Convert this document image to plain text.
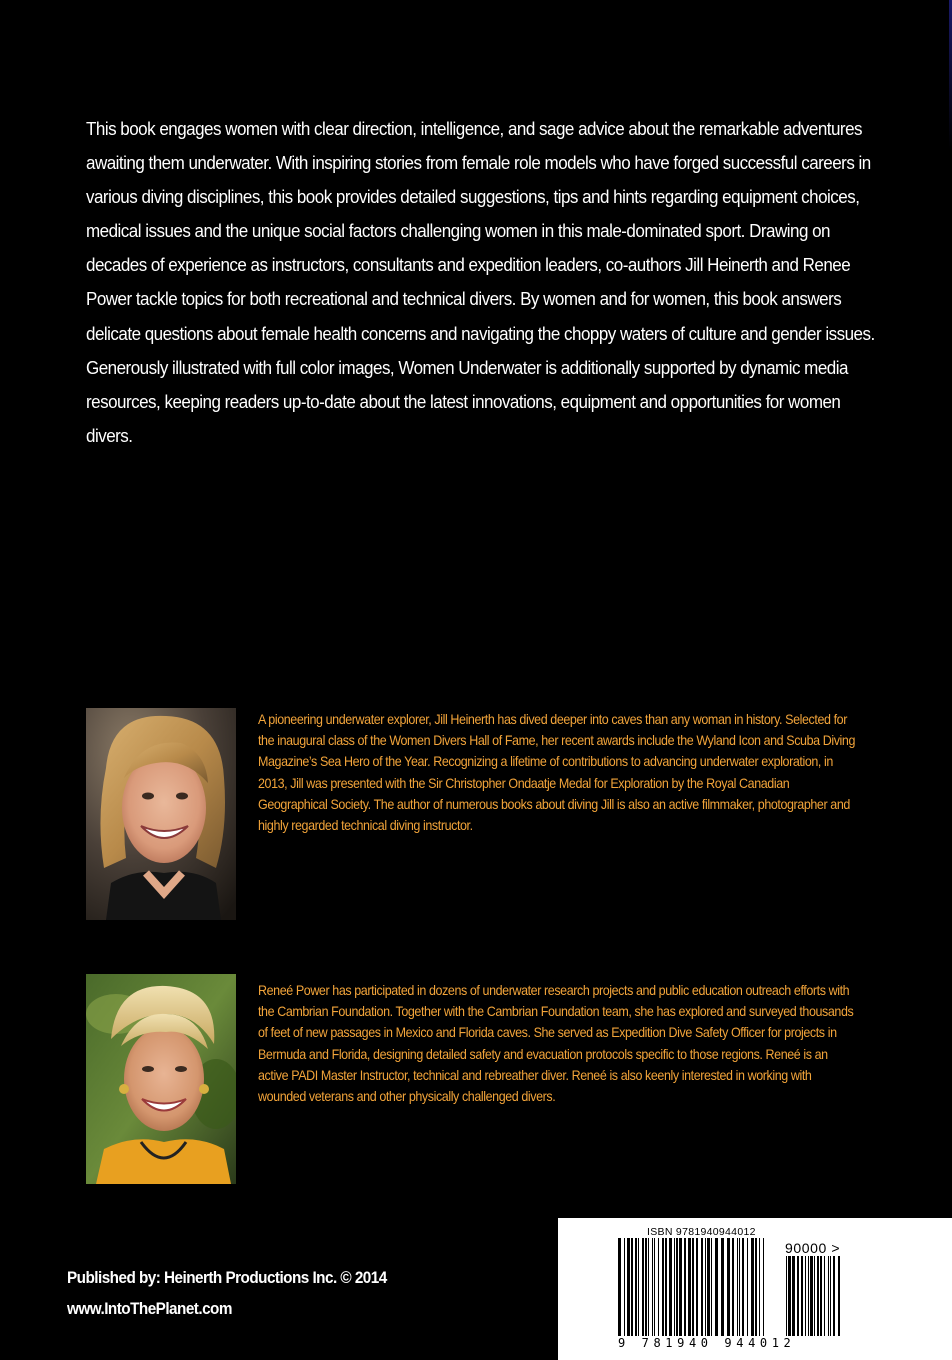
This book engages women with clear direction, intelligence, and sage advice about the remarkable adventures awaiting them underwater. With inspiring stories from female role models who have forged successful careers in various diving disciplines, this book provides detailed suggestions, tips and hints regarding equipment choices, medical issues and the unique social factors challenging women in this male-dominated sport. Drawing on decades of experience as instructors, consultants and expedition leaders, co-authors Jill Heinerth and Renee Power tackle topics for both recreational and technical divers. By women and for women, this book answers delicate questions about female health concerns and navigating the choppy waters of culture and gender issues. Generously illustrated with full color images, Women Underwater is additionally supported by dynamic media resources, keeping readers up-to-date about the latest innovations, equipment and opportunities for women divers.

A pioneering underwater explorer, Jill Heinerth has dived deeper into caves than any woman in history. Selected for the inaugural class of the Women Divers Hall of Fame, her recent awards include the Wyland Icon and Scuba Diving Magazine’s Sea Hero of the Year. Recognizing a lifetime of contributions to advancing underwater exploration, in 2013, Jill was presented with the Sir Christopher Ondaatje Medal for Exploration by the Royal Canadian Geographical Society. The author of numerous books about diving Jill is also an active filmmaker, photographer and highly regarded technical diving instructor.

Reneé Power has participated in dozens of underwater research projects and public education outreach efforts with the Cambrian Foundation. Together with the Cambrian Foundation team, she has explored and surveyed thousands of feet of new passages in Mexico and Florida caves. She served as Expedition Dive Safety Officer for projects in Bermuda and Florida, designing detailed safety and evacuation protocols specific to those regions. Reneé is an active PADI Master Instructor, technical and rebreather diver. Reneé is also keenly interested in working with wounded veterans and other physically challenged divers.

Published by: Heinerth Productions Inc. © 2014

www.IntoThePlanet.com

ISBN 9781940944012
90000 >
9 781940 944012
